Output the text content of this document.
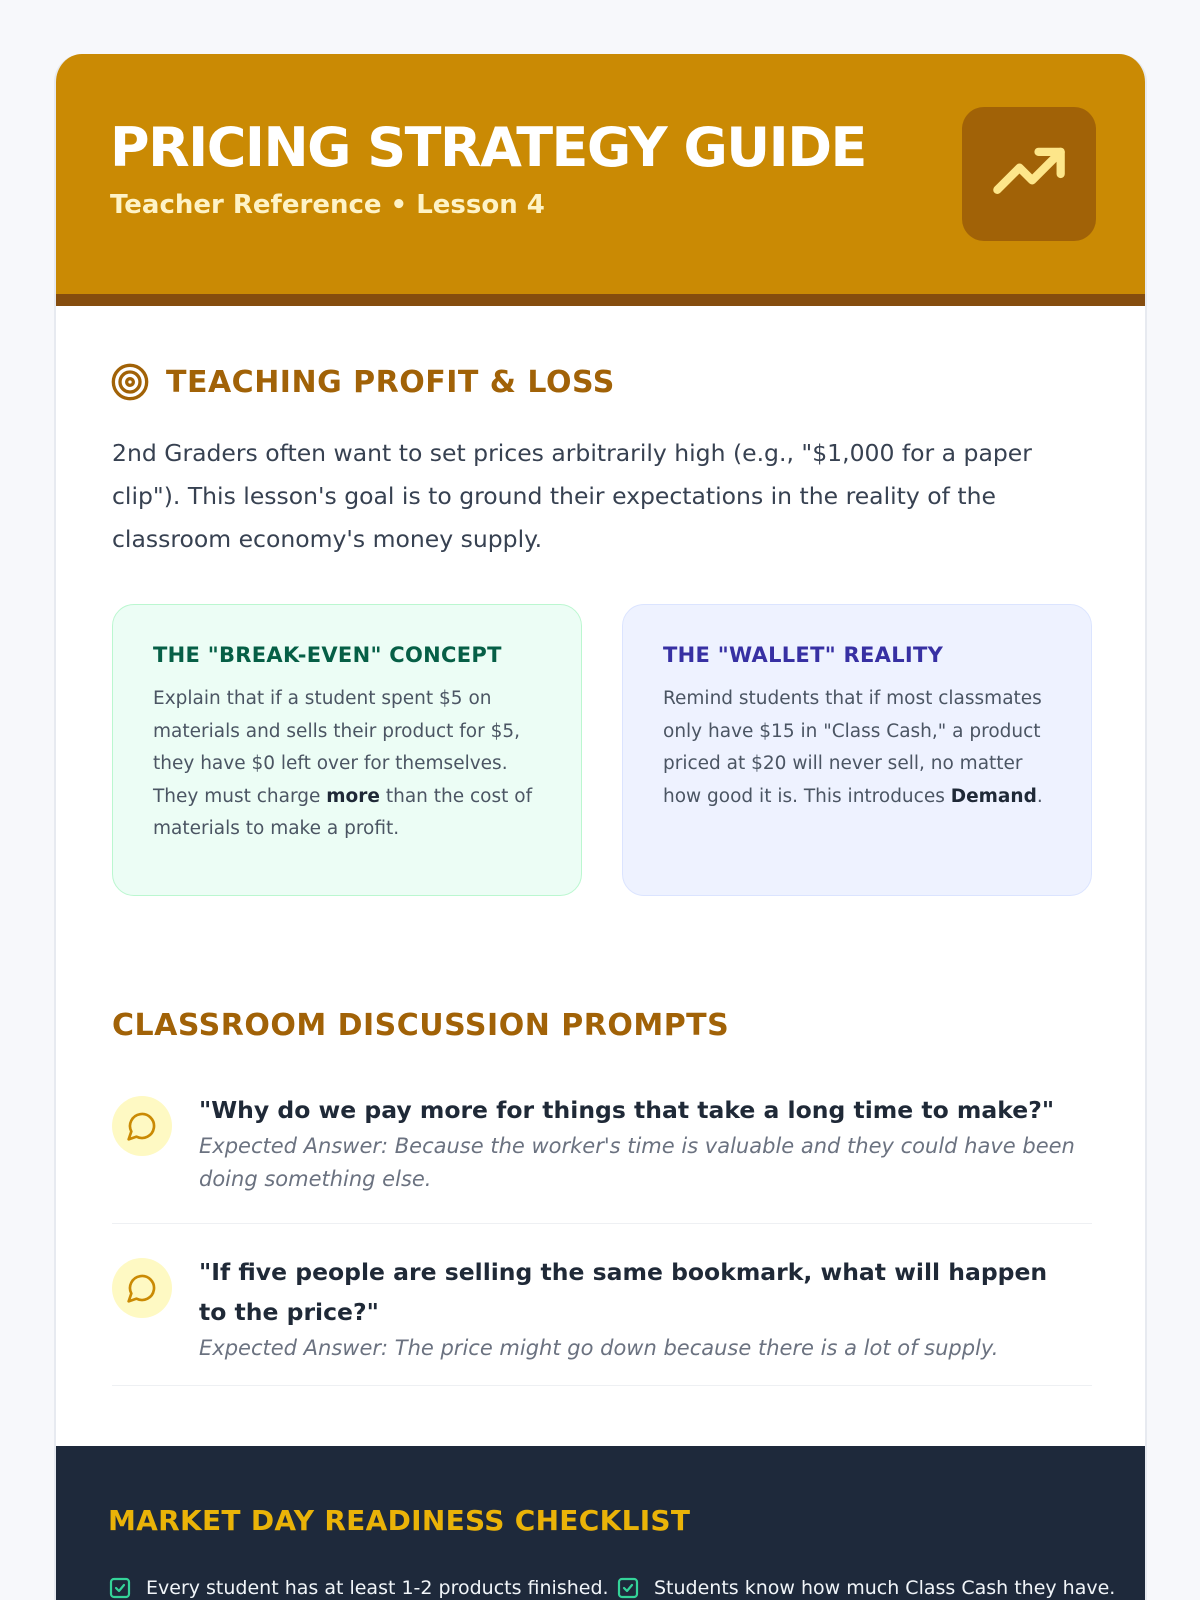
PRICING STRATEGY GUIDE
Teacher Reference • Lesson 4
TEACHING PROFIT & LOSS

2nd Graders often want to set prices arbitrarily high (e.g., "$1,000 for a paper clip"). This lesson's goal is to ground their expectations in the reality of the classroom economy's money supply.

THE "BREAK-EVEN" CONCEPT

Explain that if a student spent $5 on materials and sells their product for $5, they have $0 left over for themselves. They must charge more than the cost of materials to make a profit.

THE "WALLET" REALITY

Remind students that if most classmates only have $15 in "Class Cash," a product priced at $20 will never sell, no matter how good it is. This introduces Demand.

CLASSROOM DISCUSSION PROMPTS
"Why do we pay more for things that take a long time to make?"
Expected Answer: Because the worker's time is valuable and they could have been doing something else.
"If five people are selling the same bookmark, what will happen to the price?"
Expected Answer: The price might go down because there is a lot of supply.
MARKET DAY READINESS CHECKLIST
Every student has at least 1-2 products finished. Students know how much Class Cash they have.
